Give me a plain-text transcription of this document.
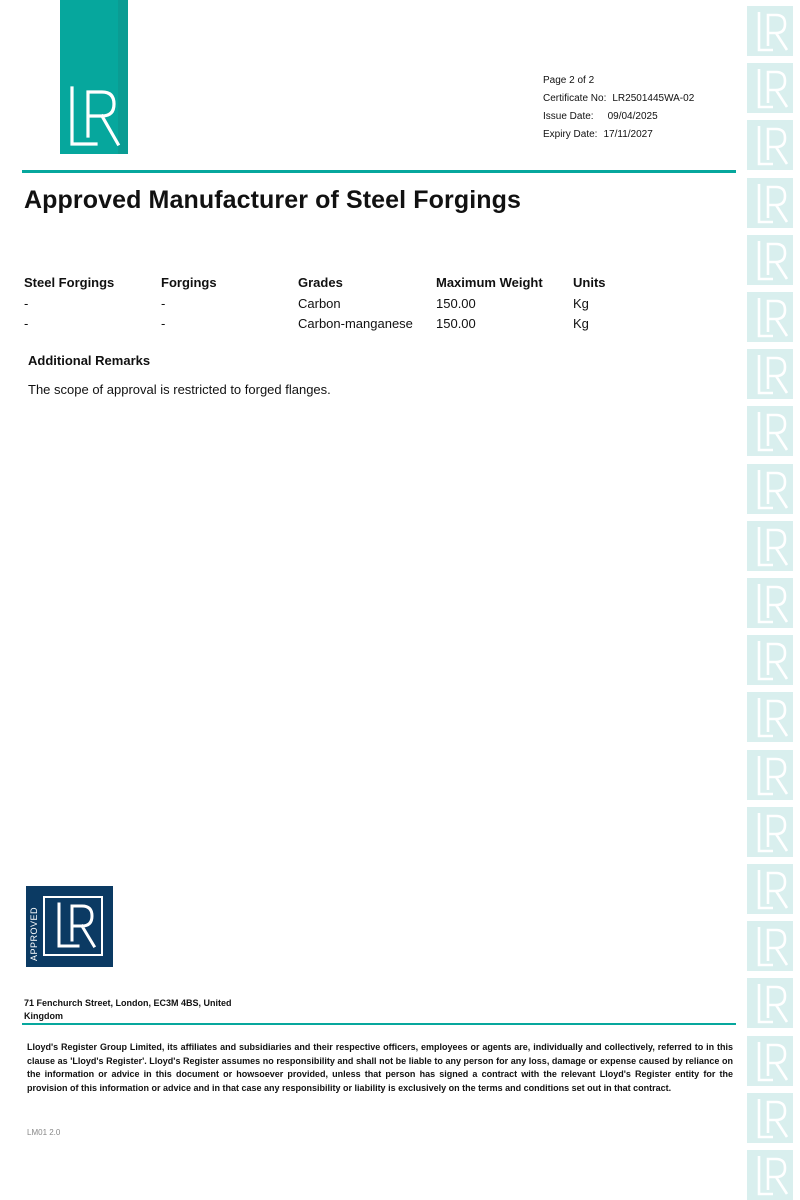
Page 2 of 2
Certificate No: LR2501445WA-02
Issue Date: 09/04/2025
Expiry Date: 17/11/2027
Approved Manufacturer of Steel Forgings
Steel Forgings	Forgings	Grades	Maximum Weight	Units
-	-	Carbon	150.00	Kg
-	-	Carbon-manganese	150.00	Kg
Additional Remarks
The scope of approval is restricted to forged flanges.
APPROVED
71 Fenchurch Street, London, EC3M 4BS, United Kingdom
Lloyd's Register Group Limited, its affiliates and subsidiaries and their respective officers, employees or agents are, individually and collectively, referred to in this clause as 'Lloyd's Register'. Lloyd's Register assumes no responsibility and shall not be liable to any person for any loss, damage or expense caused by reliance on the information or advice in this document or howsoever provided, unless that person has signed a contract with the relevant Lloyd's Register entity for the provision of this information or advice and in that case any responsibility or liability is exclusively on the terms and conditions set out in that contract.
LM01 2.0
